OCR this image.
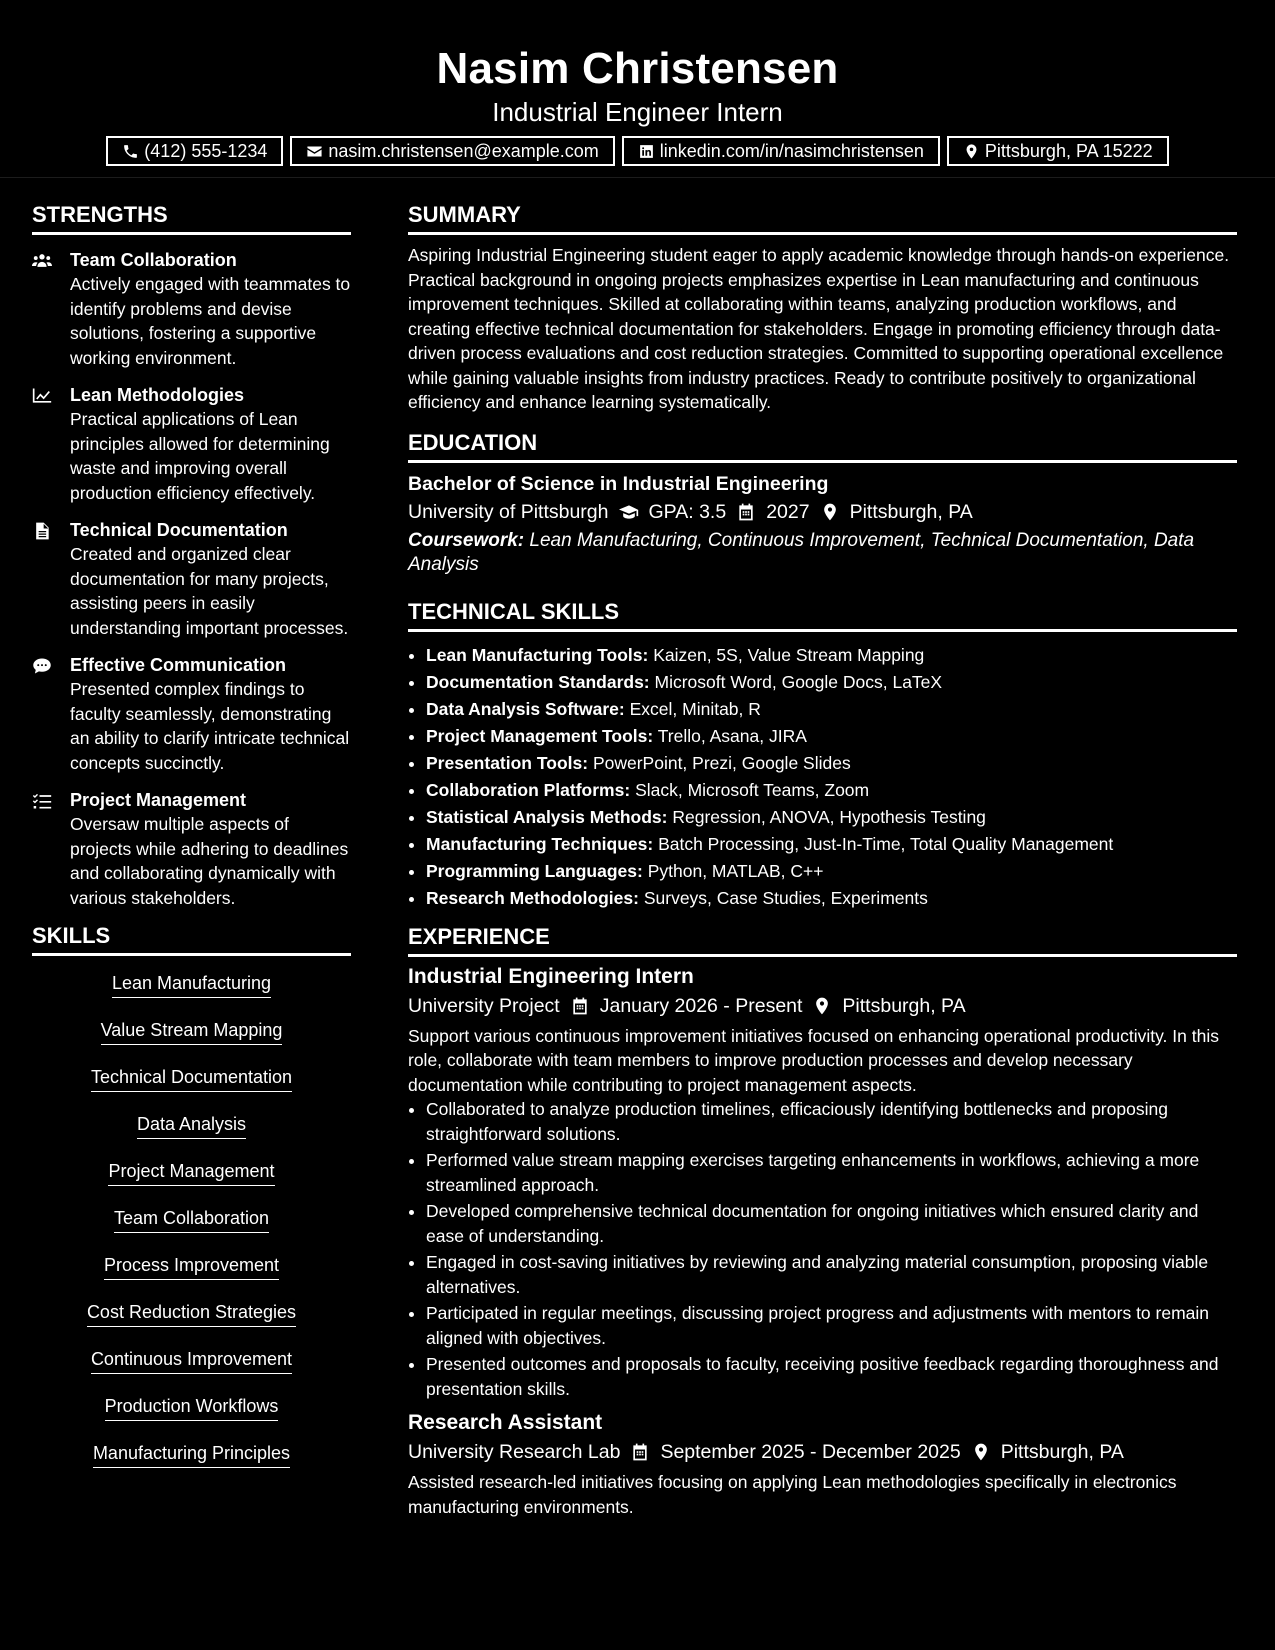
Nasim Christensen
Industrial Engineer Intern
(412) 555-1234	nasim.christensen@example.com	linkedin.com/in/nasimchristensen	Pittsburgh, PA 15222
STRENGTHS
Team Collaboration
Actively engaged with teammates to identify problems and devise solutions, fostering a supportive working environment.
Lean Methodologies
Practical applications of Lean principles allowed for determining waste and improving overall production efficiency effectively.
Technical Documentation
Created and organized clear documentation for many projects, assisting peers in easily understanding important processes.
Effective Communication
Presented complex findings to faculty seamlessly, demonstrating an ability to clarify intricate technical concepts succinctly.
Project Management
Oversaw multiple aspects of projects while adhering to deadlines and collaborating dynamically with various stakeholders.
SKILLS
Lean Manufacturing
Value Stream Mapping
Technical Documentation
Data Analysis
Project Management
Team Collaboration
Process Improvement
Cost Reduction Strategies
Continuous Improvement
Production Workflows
Manufacturing Principles
SUMMARY

Aspiring Industrial Engineering student eager to apply academic knowledge through hands-on experience. Practical background in ongoing projects emphasizes expertise in Lean manufacturing and continuous improvement techniques. Skilled at collaborating within teams, analyzing production workflows, and creating effective technical documentation for stakeholders. Engage in promoting efficiency through data-driven process evaluations and cost reduction strategies. Committed to supporting operational excellence while gaining valuable insights from industry practices. Ready to contribute positively to organizational efficiency and enhance learning systematically.

EDUCATION
Bachelor of Science in Industrial Engineering
University of Pittsburgh GPA: 3.5 2027 Pittsburgh, PA
Coursework: Lean Manufacturing, Continuous Improvement, Technical Documentation, Data Analysis
TECHNICAL SKILLS
• Lean Manufacturing Tools: Kaizen, 5S, Value Stream Mapping
• Documentation Standards: Microsoft Word, Google Docs, LaTeX
• Data Analysis Software: Excel, Minitab, R
• Project Management Tools: Trello, Asana, JIRA
• Presentation Tools: PowerPoint, Prezi, Google Slides
• Collaboration Platforms: Slack, Microsoft Teams, Zoom
• Statistical Analysis Methods: Regression, ANOVA, Hypothesis Testing
• Manufacturing Techniques: Batch Processing, Just-In-Time, Total Quality Management
• Programming Languages: Python, MATLAB, C++
• Research Methodologies: Surveys, Case Studies, Experiments
EXPERIENCE
Industrial Engineering Intern
University Project January 2026 - Present Pittsburgh, PA
Support various continuous improvement initiatives focused on enhancing operational productivity. In this role, collaborate with team members to improve production processes and develop necessary documentation while contributing to project management aspects.
• Collaborated to analyze production timelines, efficaciously identifying bottlenecks and proposing straightforward solutions.
• Performed value stream mapping exercises targeting enhancements in workflows, achieving a more streamlined approach.
• Developed comprehensive technical documentation for ongoing initiatives which ensured clarity and ease of understanding.
• Engaged in cost-saving initiatives by reviewing and analyzing material consumption, proposing viable alternatives.
• Participated in regular meetings, discussing project progress and adjustments with mentors to remain aligned with objectives.
• Presented outcomes and proposals to faculty, receiving positive feedback regarding thoroughness and presentation skills.
Research Assistant
University Research Lab September 2025 - December 2025 Pittsburgh, PA
Assisted research-led initiatives focusing on applying Lean methodologies specifically in electronics manufacturing environments.
